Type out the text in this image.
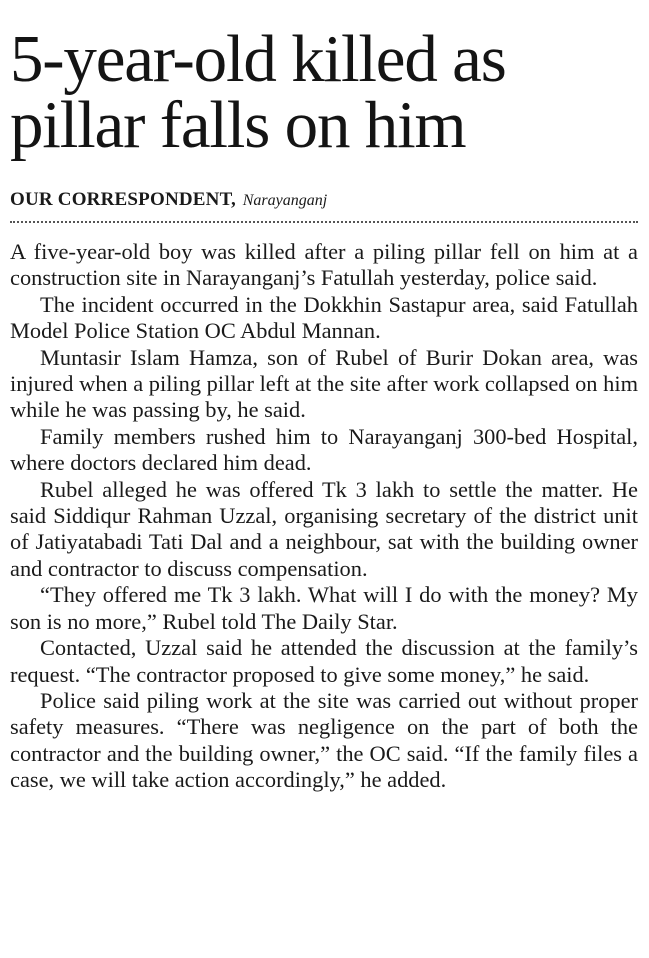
5-year-old killed as
pillar falls on him
OUR CORRESPONDENT, Narayanganj

A five-year-old boy was killed after a piling pillar fell on him at a construction site in Narayanganj’s Fatullah yesterday, police said.

The incident occurred in the Dokkhin Sastapur area, said Fatullah Model Police Station OC Abdul Mannan.

Muntasir Islam Hamza, son of Rubel of Burir Dokan area, was injured when a piling pillar left at the site after work collapsed on him while he was passing by, he said.

Family members rushed him to Narayanganj 300-bed Hospital, where doctors declared him dead.

Rubel alleged he was offered Tk 3 lakh to settle the matter. He said Siddiqur Rahman Uzzal, organising secretary of the district unit of Jatiyatabadi Tati Dal and a neighbour, sat with the building owner and contractor to discuss compensation.

“They offered me Tk 3 lakh. What will I do with the money? My son is no more,” Rubel told The Daily Star.

Contacted, Uzzal said he attended the discussion at the family’s request. “The contractor proposed to give some money,” he said.

Police said piling work at the site was carried out without proper safety measures. “There was negligence on the part of both the contractor and the building owner,” the OC said. “If the family files a case, we will take action accordingly,” he added.
